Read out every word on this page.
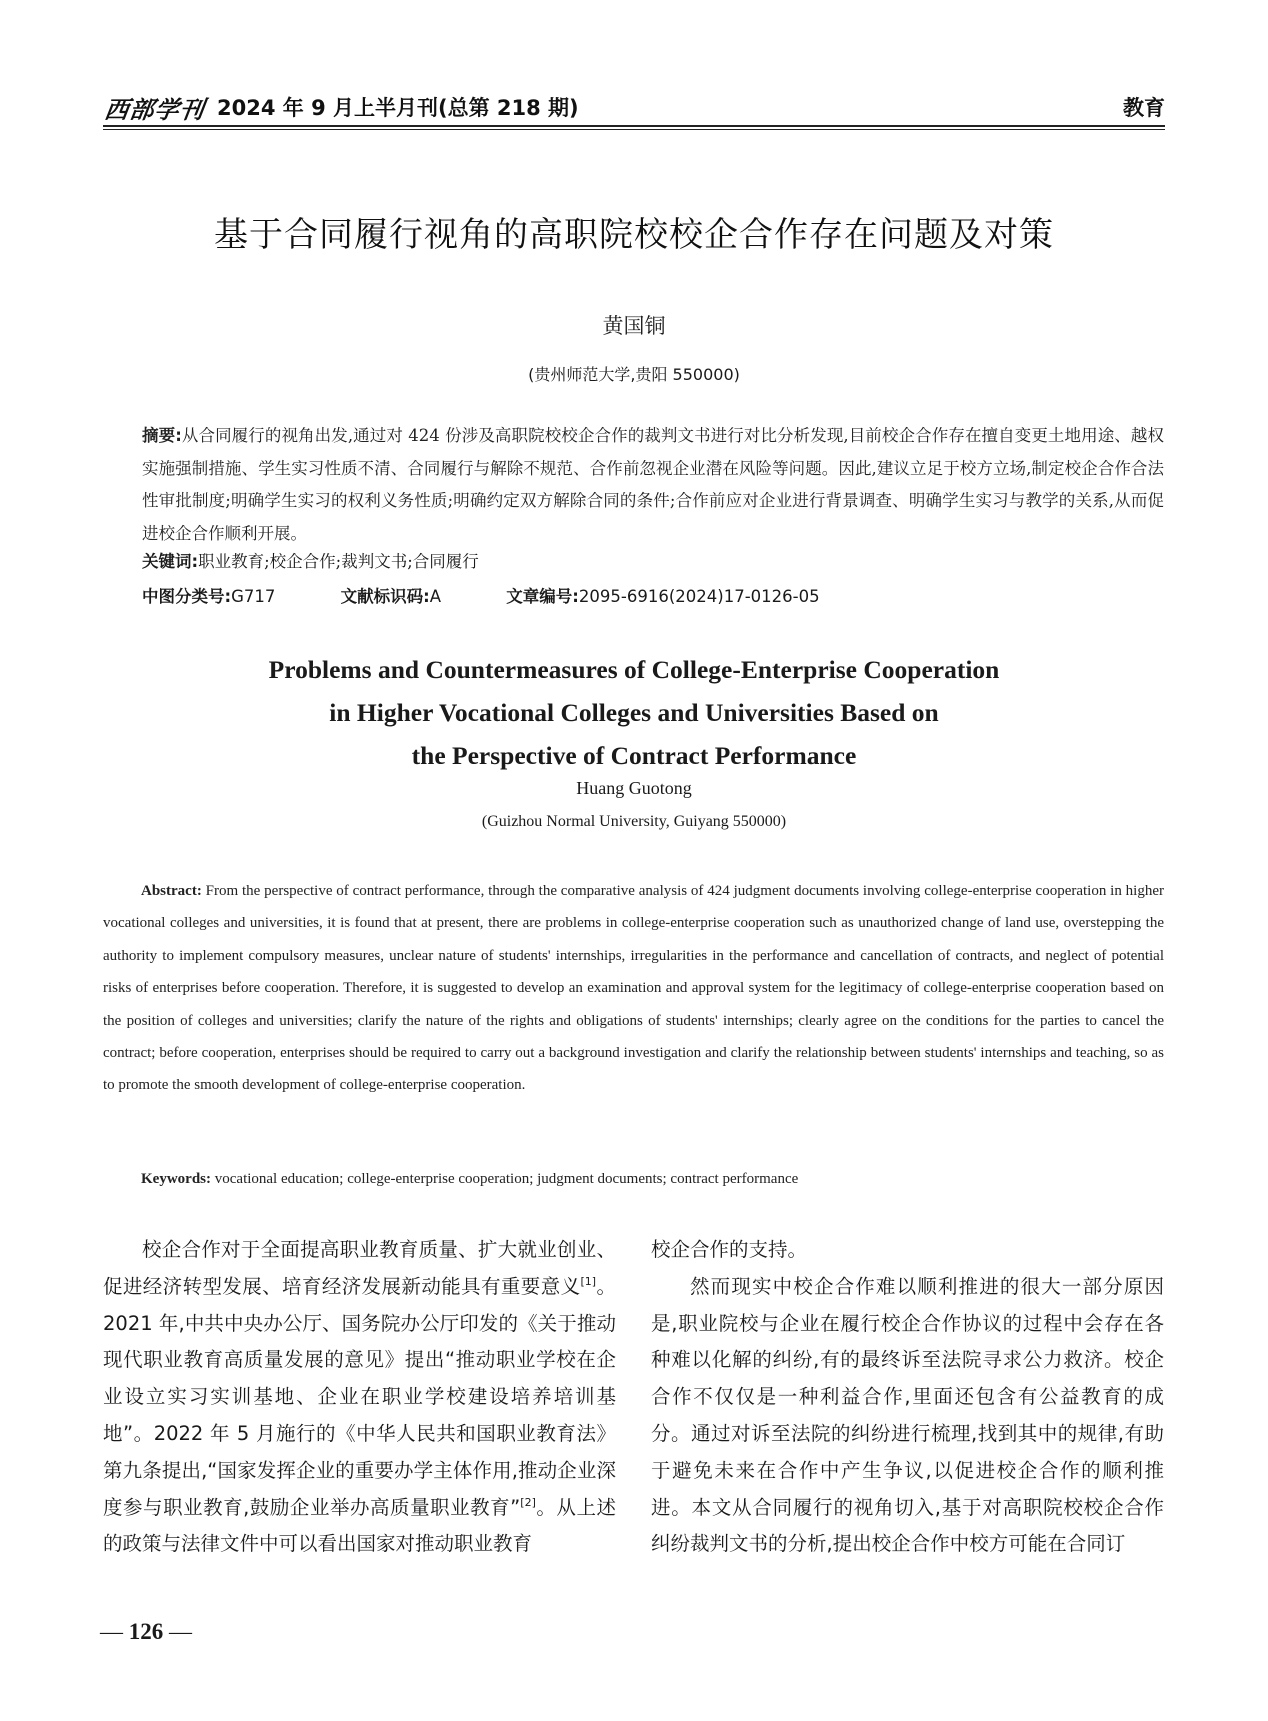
西部学刊 2024 年 9 月上半月刊(总第 218 期)	教育
基于合同履行视角的高职院校校企合作存在问题及对策
黄国铜
(贵州师范大学,贵阳 550000)
摘要:从合同履行的视角出发,通过对 424 份涉及高职院校校企合作的裁判文书进行对比分析发现,目前校企合作存在擅自变更土地用途、越权实施强制措施、学生实习性质不清、合同履行与解除不规范、合作前忽视企业潜在风险等问题。因此,建议立足于校方立场,制定校企合作合法性审批制度;明确学生实习的权利义务性质;明确约定双方解除合同的条件;合作前应对企业进行背景调查、明确学生实习与教学的关系,从而促进校企合作顺利开展。
关键词:职业教育;校企合作;裁判文书;合同履行
中图分类号:G717	文献标识码:A	文章编号:2095-6916(2024)17-0126-05
Problems and Countermeasures of College-Enterprise Cooperation
in Higher Vocational Colleges and Universities Based on
the Perspective of Contract Performance
Huang Guotong
(Guizhou Normal University, Guiyang 550000)
Abstract: From the perspective of contract performance, through the comparative analysis of 424 judgment documents involving college-enterprise cooperation in higher vocational colleges and universities, it is found that at present, there are problems in college-enterprise cooperation such as unauthorized change of land use, overstepping the authority to implement compulsory measures, unclear nature of students' internships, irregularities in the performance and cancellation of contracts, and neglect of potential risks of enterprises before cooperation. Therefore, it is suggested to develop an examination and approval system for the legitimacy of college-enterprise cooperation based on the position of colleges and universities; clarify the nature of the rights and obligations of students' internships; clearly agree on the conditions for the parties to cancel the contract; before cooperation, enterprises should be required to carry out a background investigation and clarify the relationship between students' internships and teaching, so as to promote the smooth development of college-enterprise cooperation.
Keywords: vocational education; college-enterprise cooperation; judgment documents; contract performance

校企合作对于全面提高职业教育质量、扩大就业创业、促进经济转型发展、培育经济发展新动能具有重要意义[1]。2021 年,中共中央办公厅、国务院办公厅印发的《关于推动现代职业教育高质量发展的意见》提出“推动职业学校在企业设立实习实训基地、企业在职业学校建设培养培训基地”。2022 年 5 月施行的《中华人民共和国职业教育法》第九条提出,“国家发挥企业的重要办学主体作用,推动企业深度参与职业教育,鼓励企业举办高质量职业教育”[2]。从上述的政策与法律文件中可以看出国家对推动职业教育

校企合作的支持。

然而现实中校企合作难以顺利推进的很大一部分原因是,职业院校与企业在履行校企合作协议的过程中会存在各种难以化解的纠纷,有的最终诉至法院寻求公力救济。校企合作不仅仅是一种利益合作,里面还包含有公益教育的成分。通过对诉至法院的纠纷进行梳理,找到其中的规律,有助于避免未来在合作中产生争议,以促进校企合作的顺利推进。本文从合同履行的视角切入,基于对高职院校校企合作纠纷裁判文书的分析,提出校企合作中校方可能在合同订

— 126 —
